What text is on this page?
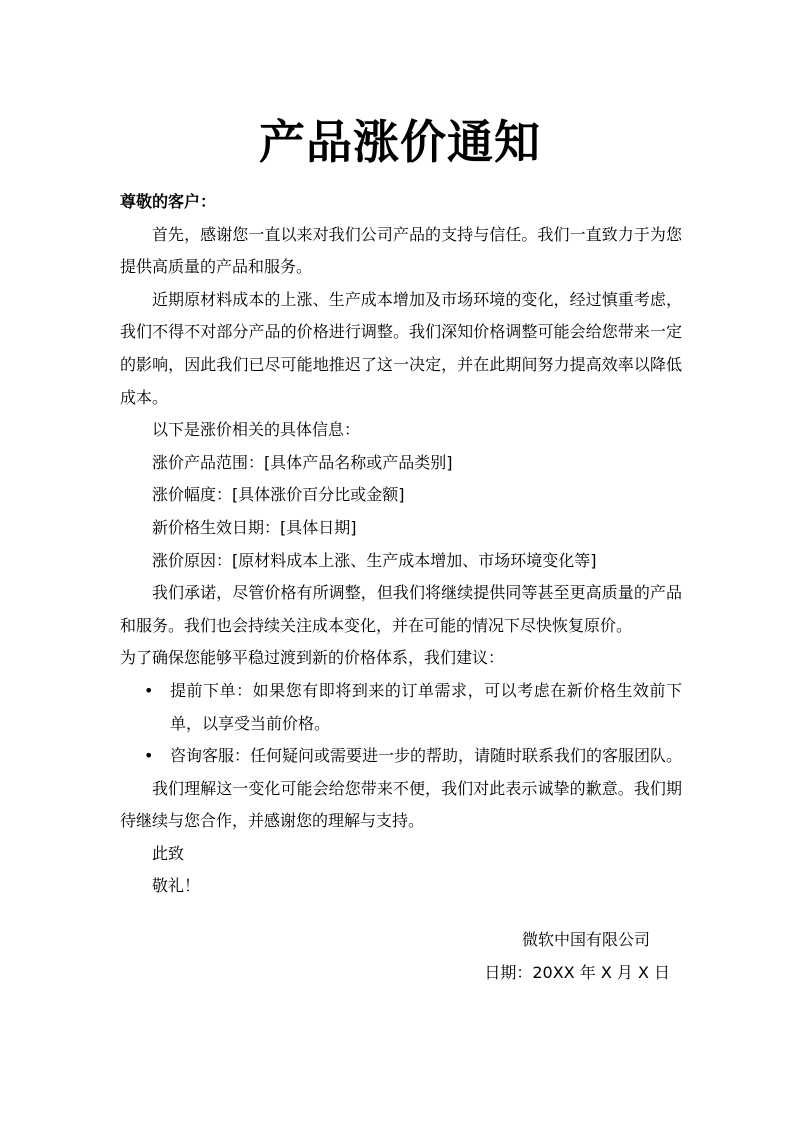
产品涨价通知

尊敬的客户：

首先，感谢您一直以来对我们公司产品的支持与信任。我们一直致力于为您提供高质量的产品和服务。

近期原材料成本的上涨、生产成本增加及市场环境的变化，经过慎重考虑，我们不得不对部分产品的价格进行调整。我们深知价格调整可能会给您带来一定的影响，因此我们已尽可能地推迟了这一决定，并在此期间努力提高效率以降低成本。

以下是涨价相关的具体信息：

涨价产品范围：[具体产品名称或产品类别]

涨价幅度：[具体涨价百分比或金额]

新价格生效日期：[具体日期]

涨价原因：[原材料成本上涨、生产成本增加、市场环境变化等]

我们承诺，尽管价格有所调整，但我们将继续提供同等甚至更高质量的产品和服务。我们也会持续关注成本变化，并在可能的情况下尽快恢复原价。

为了确保您能够平稳过渡到新的价格体系，我们建议：

• 提前下单：如果您有即将到来的订单需求，可以考虑在新价格生效前下单，以享受当前价格。
• 咨询客服：任何疑问或需要进一步的帮助，请随时联系我们的客服团队。

我们理解这一变化可能会给您带来不便，我们对此表示诚挚的歉意。我们期待继续与您合作，并感谢您的理解与支持。

此致

敬礼！

微软中国有限公司
日期：20XX 年 X 月 X 日
